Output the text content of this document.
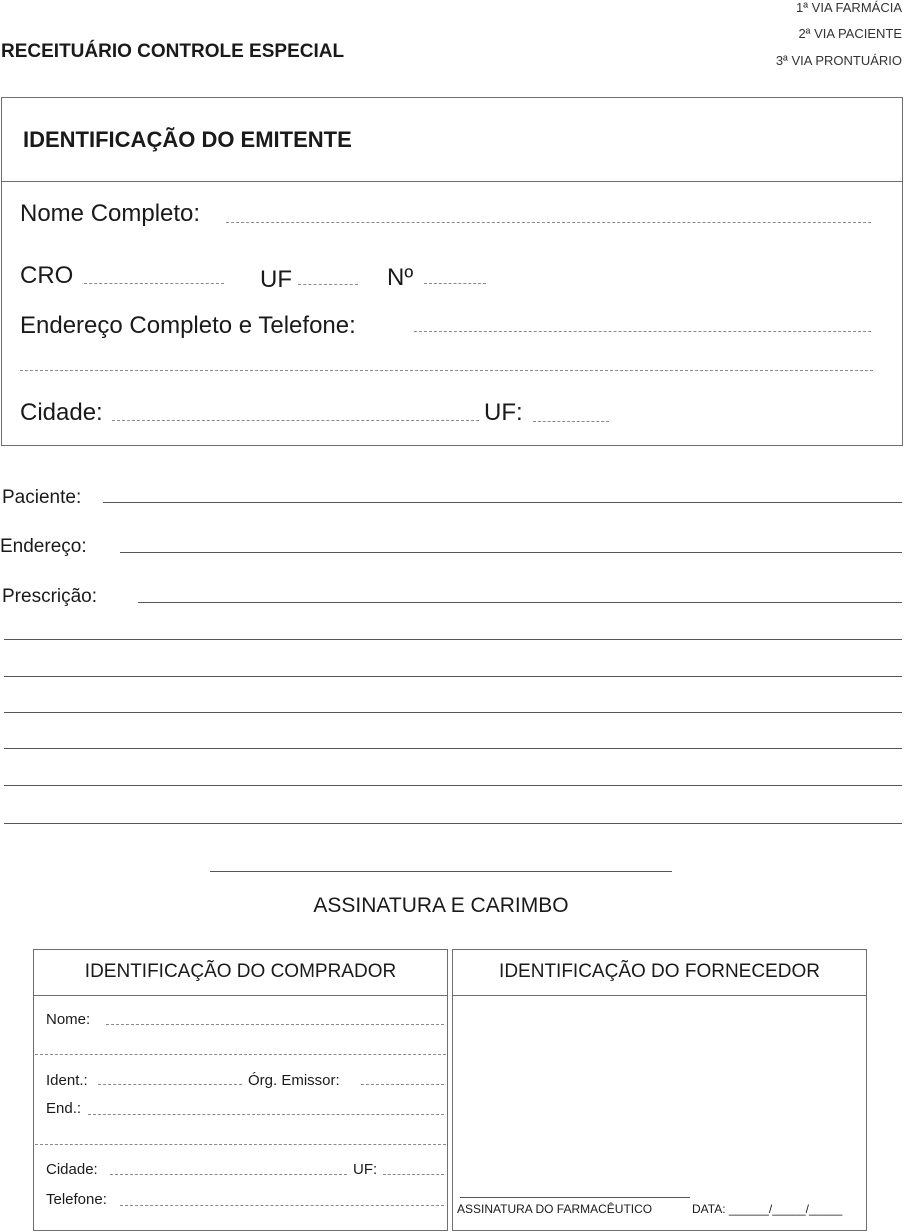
1ª VIA FARMÁCIA
2ª VIA PACIENTE
3ª VIA PRONTUÁRIO
RECEITUÁRIO CONTROLE ESPECIAL
IDENTIFICAÇÃO DO EMITENTE
Nome Completo:
CRO	UF	Nº
Endereço Completo e Telefone:
Cidade:	UF:
Paciente:
Endereço:
Prescrição:
ASSINATURA E CARIMBO
IDENTIFICAÇÃO DO COMPRADOR
Nome:
Ident.:	Órg. Emissor:
End.:
Cidade:	UF:
Telefone:
IDENTIFICAÇÃO DO FORNECEDOR
ASSINATURA DO FARMACÊUTICO	DATA: ______/_____/_____
